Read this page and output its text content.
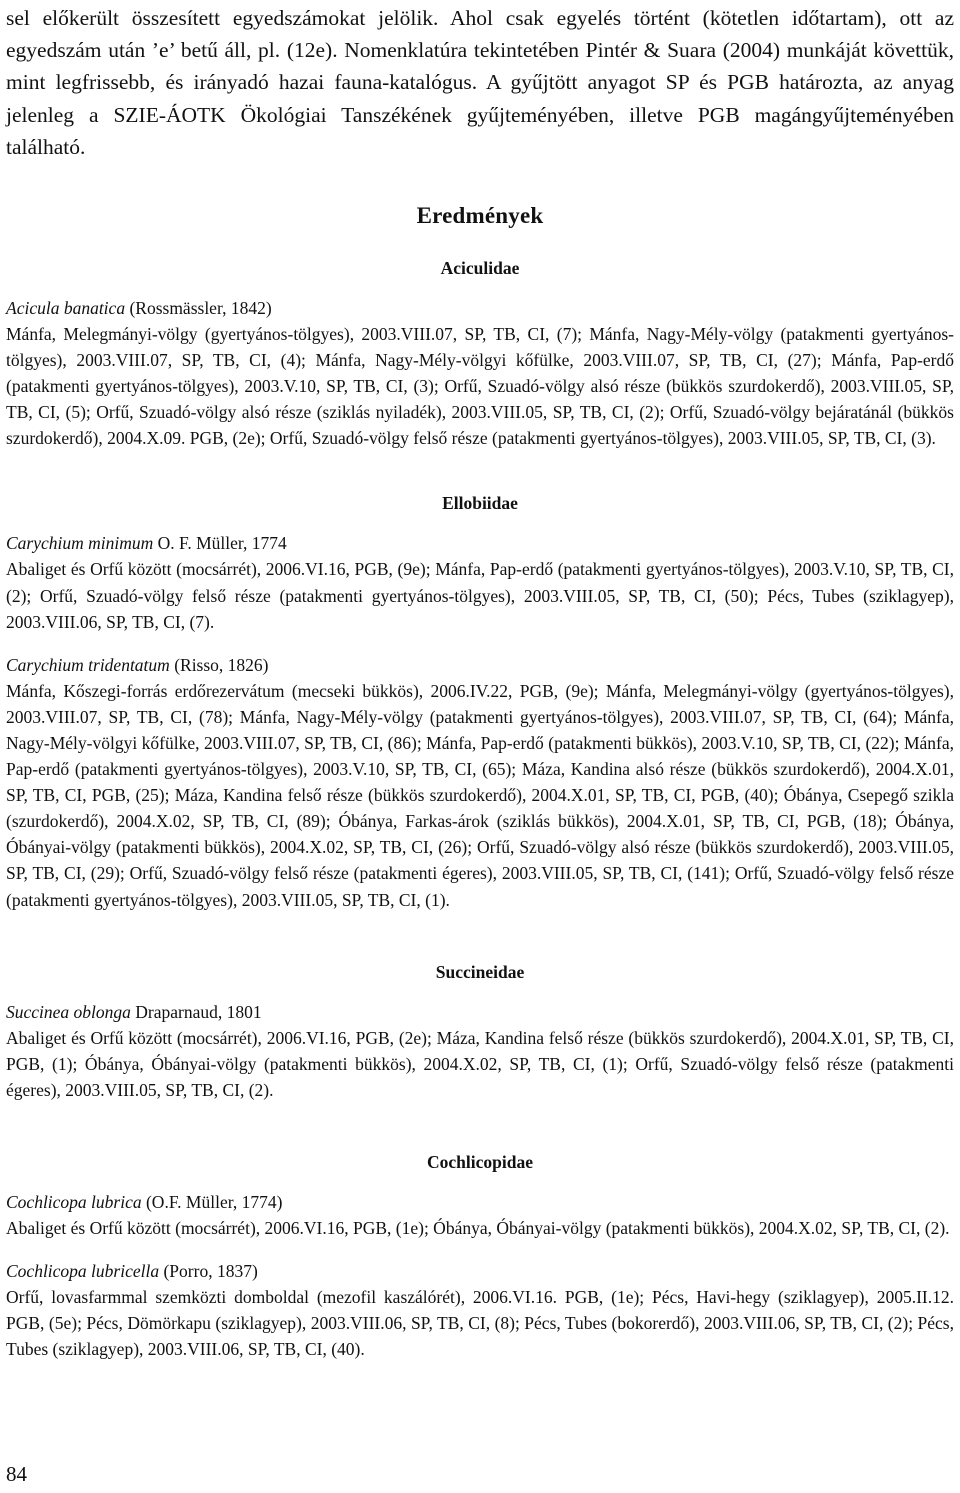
sel előkerült összesített egyedszámokat jelölik. Ahol csak egyelés történt (kötetlen időtartam), ott az egyedszám után ’e’ betű áll, pl. (12e). Nomenklatúra tekintetében Pintér & Suara (2004) munkáját követtük, mint legfrissebb, és irányadó hazai fauna-katalógus. A gyűjtött anyagot SP és PGB határozta, az anyag jelenleg a SZIE-ÁOTK Ökológiai Tanszékének gyűjteményében, illetve PGB magángyűjteményében található.

Eredmények
Aciculidae

Acicula banatica (Rossmässler, 1842)

Mánfa, Melegmányi-völgy (gyertyános-tölgyes), 2003.VIII.07, SP, TB, CI, (7); Mánfa, Nagy-Mély-völgy (patakmenti gyertyános-tölgyes), 2003.VIII.07, SP, TB, CI, (4); Mánfa, Nagy-Mély-völgyi kőfülke, 2003.VIII.07, SP, TB, CI, (27); Mánfa, Pap-erdő (patakmenti gyertyános-tölgyes), 2003.V.10, SP, TB, CI, (3); Orfű, Szuadó-völgy alsó része (bükkös szurdokerdő), 2003.VIII.05, SP, TB, CI, (5); Orfű, Szuadó-völgy alsó része (sziklás nyiladék), 2003.VIII.05, SP, TB, CI, (2); Orfű, Szuadó-völgy bejáratánál (bükkös szurdokerdő), 2004.X.09. PGB, (2e); Orfű, Szuadó-völgy felső része (patakmenti gyertyános-tölgyes), 2003.VIII.05, SP, TB, CI, (3).

Ellobiidae

Carychium minimum O. F. Müller, 1774

Abaliget és Orfű között (mocsárrét), 2006.VI.16, PGB, (9e); Mánfa, Pap-erdő (patakmenti gyertyános-tölgyes), 2003.V.10, SP, TB, CI, (2); Orfű, Szuadó-völgy felső része (patakmenti gyertyános-tölgyes), 2003.VIII.05, SP, TB, CI, (50); Pécs, Tubes (sziklagyep), 2003.VIII.06, SP, TB, CI, (7).

Carychium tridentatum (Risso, 1826)

Mánfa, Kőszegi-forrás erdőrezervátum (mecseki bükkös), 2006.IV.22, PGB, (9e); Mánfa, Melegmányi-völgy (gyertyános-tölgyes), 2003.VIII.07, SP, TB, CI, (78); Mánfa, Nagy-Mély-völgy (patakmenti gyertyános-tölgyes), 2003.VIII.07, SP, TB, CI, (64); Mánfa, Nagy-Mély-völgyi kőfülke, 2003.VIII.07, SP, TB, CI, (86); Mánfa, Pap-erdő (patakmenti bükkös), 2003.V.10, SP, TB, CI, (22); Mánfa, Pap-erdő (patakmenti gyertyános-tölgyes), 2003.V.10, SP, TB, CI, (65); Máza, Kandina alsó része (bükkös szurdokerdő), 2004.X.01, SP, TB, CI, PGB, (25); Máza, Kandina felső része (bükkös szurdokerdő), 2004.X.01, SP, TB, CI, PGB, (40); Óbánya, Csepegő szikla (szurdokerdő), 2004.X.02, SP, TB, CI, (89); Óbánya, Farkas-árok (sziklás bükkös), 2004.X.01, SP, TB, CI, PGB, (18); Óbánya, Óbányai-völgy (patakmenti bükkös), 2004.X.02, SP, TB, CI, (26); Orfű, Szuadó-völgy alsó része (bükkös szurdokerdő), 2003.VIII.05, SP, TB, CI, (29); Orfű, Szuadó-völgy felső része (patakmenti égeres), 2003.VIII.05, SP, TB, CI, (141); Orfű, Szuadó-völgy felső része (patakmenti gyertyános-tölgyes), 2003.VIII.05, SP, TB, CI, (1).

Succineidae

Succinea oblonga Draparnaud, 1801

Abaliget és Orfű között (mocsárrét), 2006.VI.16, PGB, (2e); Máza, Kandina felső része (bükkös szurdokerdő), 2004.X.01, SP, TB, CI, PGB, (1); Óbánya, Óbányai-völgy (patakmenti bükkös), 2004.X.02, SP, TB, CI, (1); Orfű, Szuadó-völgy felső része (patakmenti égeres), 2003.VIII.05, SP, TB, CI, (2).

Cochlicopidae

Cochlicopa lubrica (O.F. Müller, 1774)

Abaliget és Orfű között (mocsárrét), 2006.VI.16, PGB, (1e); Óbánya, Óbányai-völgy (patakmenti bükkös), 2004.X.02, SP, TB, CI, (2).

Cochlicopa lubricella (Porro, 1837)

Orfű, lovasfarmmal szemközti domboldal (mezofil kaszálórét), 2006.VI.16. PGB, (1e); Pécs, Havi-hegy (sziklagyep), 2005.II.12. PGB, (5e); Pécs, Dömörkapu (sziklagyep), 2003.VIII.06, SP, TB, CI, (8); Pécs, Tubes (bokorerdő), 2003.VIII.06, SP, TB, CI, (2); Pécs, Tubes (sziklagyep), 2003.VIII.06, SP, TB, CI, (40).

84
